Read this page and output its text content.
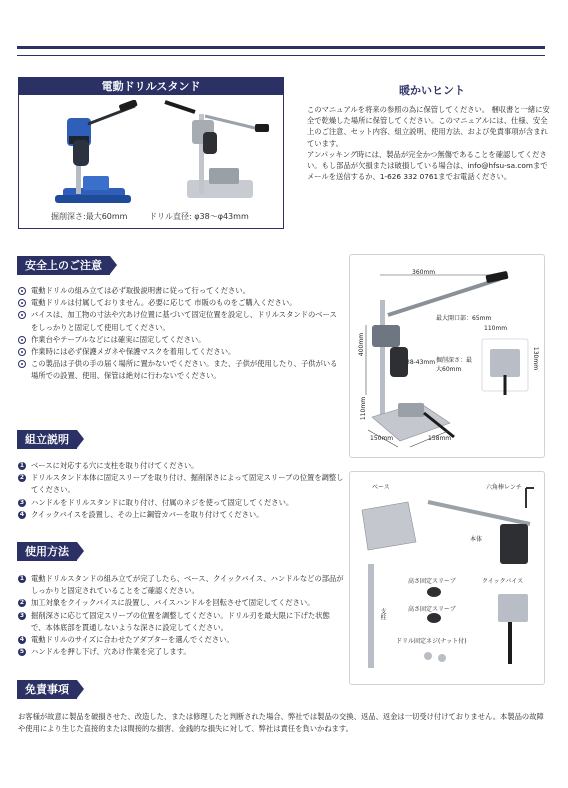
電動ドリルスタンド
掘削深さ:最大60mm	ドリル直径: φ38〜φ43mm
暖かいヒント
このマニュアルを将来の参照の為に保管してください。 梱収書と一緒に安全で乾燥した場所に保管してください。このマニュアルには、仕様、安全上のご注意、セット内容、組立説明、使用方法、および免責事項が含まれています。
アンパッキング時には、製品が完全かつ無傷であることを確認してください。もし部品が欠損または破損している場合は、info@hfsu-sa.comまでメールを送信するか、1-626 332 0761までお電話ください。
安全上のご注意
電動ドリルの組み立ては必ず取扱説明書に従って行ってください。
電動ドリルは付属しておりません。必要に応じて 市販のものをご購入ください。
バイスは、加工物の寸法や穴あけ位置に基づいて固定位置を設定し、ドリルスタンドのベースをしっかりと固定して使用してください。
作業台やテーブルなどには確実に固定してください。
作業時には必ず保護メガネや保護マスクを着用してください。
この製品は子供の手の届く場所に置かないでください。また、子供が使用したり、子供がいる場所での設置、使用、保管は絶対に行わないでください。
組立説明
1 ベースに対応する穴に支柱を取り付けてください。
2 ドリルスタンド本体に固定スリーブを取り付け、掘削深さによって固定スリーブの位置を調整してください。
3 ハンドルをドリルスタンドに取り付け、付属のネジを使って固定してください。
4 クイックバイスを設置し、その上に鋼管カバーを取り付けてください。
使用方法
1 電動ドリルスタンドの組み立てが完了したら、ベース、クイックバイス、ハンドルなどの部品がしっかりと固定されていることをご確認ください。
2 加工対象をクイックバイスに設置し、バイスハンドルを回転させて固定してください。
3 掘削深さに応じて固定スリーブの位置を調整してください。ドリル刃を最大限に下げた状態で、本体底部を貫通しないような深さに設定してください。
4 電動ドリルのサイズに合わせたアダプターを選んでください。
5 ハンドルを押し下げ、穴あけ作業を完了します。
免責事項
お客様が故意に製品を破損させた、改造した、または修理したと判断された場合、弊社では製品の交換、返品、返金は一切受け付けておりません。本製品の故障や使用により生じた直接的または間接的な損害、金銭的な損失に対して、弊社は責任を負いかねます。
360mm
400mm
最大開口部：65mm
110mm
130mm
38-43mm 掘削深さ：最大60mm
110mm
150mm	158mm
ベース	六角棒レンチ
本体
支柱
高さ固定スリーブ	クイックバイス
高さ固定スリーブ
ドリル固定ネジ(ナット付)
